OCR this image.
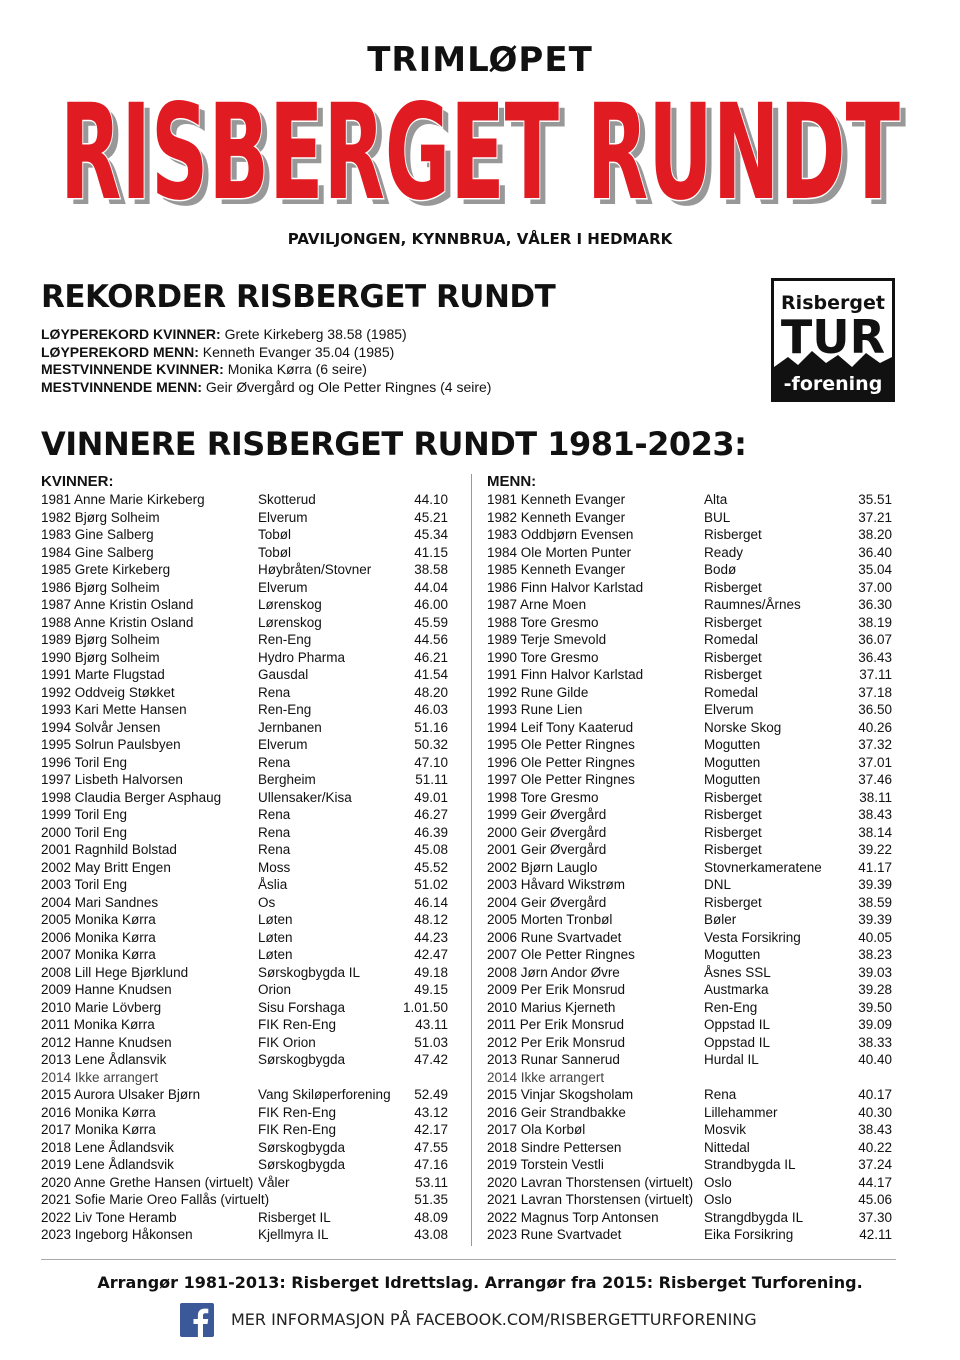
TRIMLØPET
RISBERGET RUNDT
RISBERGET RUNDT
PAVILJONGEN, KYNNBRUA, VÅLER I HEDMARK
REKORDER RISBERGET RUNDT
LØYPEREKORD KVINNER: Grete Kirkeberg 38.58 (1985)
LØYPEREKORD MENN: Kenneth Evanger 35.04 (1985)
MESTVINNENDE KVINNER: Monika Kørra (6 seire)
MESTVINNENDE MENN: Geir Øvergård og Ole Petter Ringnes (4 seire)
Risberget
TUR
-forening
VINNERE RISBERGET RUNDT 1981-2023:
KVINNER:
1981 Anne Marie Kirkeberg	Skotterud	44.10
1982 Bjørg Solheim	Elverum	45.21
1983 Gine Salberg	Tobøl	45.34
1984 Gine Salberg	Tobøl	41.15
1985 Grete Kirkeberg	Høybråten/Stovner	38.58
1986 Bjørg Solheim	Elverum	44.04
1987 Anne Kristin Osland	Lørenskog	46.00
1988 Anne Kristin Osland	Lørenskog	45.59
1989 Bjørg Solheim	Ren-Eng	44.56
1990 Bjørg Solheim	Hydro Pharma	46.21
1991 Marte Flugstad	Gausdal	41.54
1992 Oddveig Støkket	Rena	48.20
1993 Kari Mette Hansen	Ren-Eng	46.03
1994 Solvår Jensen	Jernbanen	51.16
1995 Solrun Paulsbyen	Elverum	50.32
1996 Toril Eng	Rena	47.10
1997 Lisbeth Halvorsen	Bergheim	51.11
1998 Claudia Berger Asphaug	Ullensaker/Kisa	49.01
1999 Toril Eng	Rena	46.27
2000 Toril Eng	Rena	46.39
2001 Ragnhild Bolstad	Rena	45.08
2002 May Britt Engen	Moss	45.52
2003 Toril Eng	Åslia	51.02
2004 Mari Sandnes	Os	46.14
2005 Monika Kørra	Løten	48.12
2006 Monika Kørra	Løten	44.23
2007 Monika Kørra	Løten	42.47
2008 Lill Hege Bjørklund	Sørskogbygda IL	49.18
2009 Hanne Knudsen	Orion	49.15
2010 Marie Lövberg	Sisu Forshaga	1.01.50
2011 Monika Kørra	FIK Ren-Eng	43.11
2012 Hanne Knudsen	FIK Orion	51.03
2013 Lene Ådlansvik	Sørskogbygda	47.42
2014 Ikke arrangert
2015 Aurora Ulsaker Bjørn	Vang Skiløperforening 52.49
2016 Monika Kørra	FIK Ren-Eng	43.12
2017 Monika Kørra	FIK Ren-Eng	42.17
2018 Lene Ådlandsvik	Sørskogbygda	47.55
2019 Lene Ådlandsvik	Sørskogbygda	47.16
2020 Anne Grethe Hansen (virtuelt) Våler	53.11
2021 Sofie Marie Oreo Fallås (virtuelt)	51.35
2022 Liv Tone Heramb	Risberget IL	48.09
2023 Ingeborg Håkonsen	Kjellmyra IL	43.08
MENN:
1981 Kenneth Evanger	Alta	35.51
1982 Kenneth Evanger	BUL	37.21
1983 Oddbjørn Evensen	Risberget	38.20
1984 Ole Morten Punter	Ready	36.40
1985 Kenneth Evanger	Bodø	35.04
1986 Finn Halvor Karlstad	Risberget	37.00
1987 Arne Moen	Raumnes/Årnes	36.30
1988 Tore Gresmo	Risberget	38.19
1989 Terje Smevold	Romedal	36.07
1990 Tore Gresmo	Risberget	36.43
1991 Finn Halvor Karlstad	Risberget	37.11
1992 Rune Gilde	Romedal	37.18
1993 Rune Lien	Elverum	36.50
1994 Leif Tony Kaaterud	Norske Skog	40.26
1995 Ole Petter Ringnes	Mogutten	37.32
1996 Ole Petter Ringnes	Mogutten	37.01
1997 Ole Petter Ringnes	Mogutten	37.46
1998 Tore Gresmo	Risberget	38.11
1999 Geir Øvergård	Risberget	38.43
2000 Geir Øvergård	Risberget	38.14
2001 Geir Øvergård	Risberget	39.22
2002 Bjørn Lauglo	Stovnerkameratene	41.17
2003 Håvard Wikstrøm	DNL	39.39
2004 Geir Øvergård	Risberget	38.59
2005 Morten Tronbøl	Bøler	39.39
2006 Rune Svartvadet	Vesta Forsikring	40.05
2007 Ole Petter Ringnes	Mogutten	38.23
2008 Jørn Andor Øvre	Åsnes SSL	39.03
2009 Per Erik Monsrud	Austmarka	39.28
2010 Marius Kjerneth	Ren-Eng	39.50
2011 Per Erik Monsrud	Oppstad IL	39.09
2012 Per Erik Monsrud	Oppstad IL	38.33
2013 Runar Sannerud	Hurdal IL	40.40
2014 Ikke arrangert
2015 Vinjar Skogsholam	Rena	40.17
2016 Geir Strandbakke	Lillehammer	40.30
2017 Ola Korbøl	Mosvik	38.43
2018 Sindre Pettersen	Nittedal	40.22
2019 Torstein Vestli	Strandbygda IL	37.24
2020 Lavran Thorstensen (virtuelt) Oslo	44.17
2021 Lavran Thorstensen (virtuelt) Oslo	45.06
2022 Magnus Torp Antonsen	Strangdbygda IL	37.30
2023 Rune Svartvadet	Eika Forsikring	42.11
Arrangør 1981-2013: Risberget Idrettslag. Arrangør fra 2015: Risberget Turforening.
MER INFORMASJON PÅ FACEBOOK.COM/RISBERGETTURFORENING
